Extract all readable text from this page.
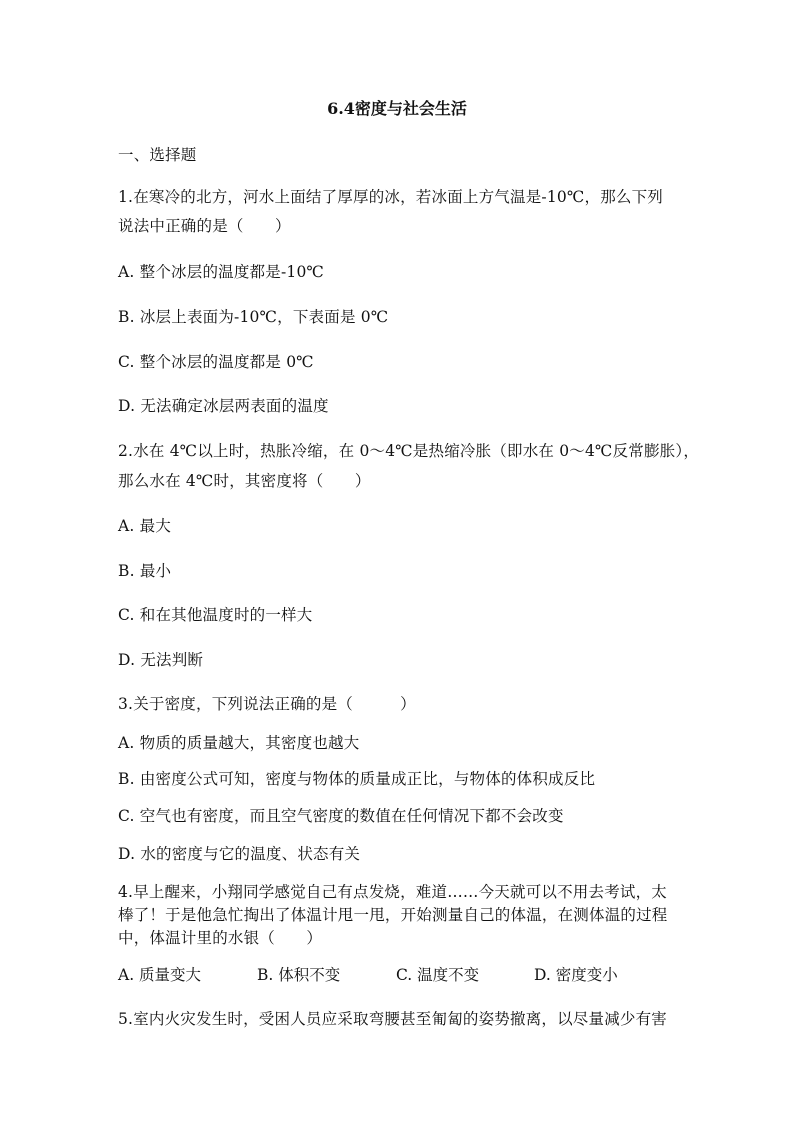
6.4密度与社会生活
一、选择题
1.在寒冷的北方，河水上面结了厚厚的冰，若冰面上方气温是-10℃，那么下列
说法中正确的是（　　）
A. 整个冰层的温度都是-10℃
B. 冰层上表面为-10℃，下表面是 0℃
C. 整个冰层的温度都是 0℃
D. 无法确定冰层两表面的温度
2.水在 4℃以上时，热胀冷缩，在 0～4℃是热缩冷胀（即水在 0～4℃反常膨胀），
那么水在 4℃时，其密度将（　　）
A. 最大
B. 最小
C. 和在其他温度时的一样大
D. 无法判断
3.关于密度，下列说法正确的是（　　　）
A. 物质的质量越大，其密度也越大
B. 由密度公式可知，密度与物体的质量成正比，与物体的体积成反比
C. 空气也有密度，而且空气密度的数值在任何情况下都不会改变
D. 水的密度与它的温度、状态有关
4.早上醒来，小翔同学感觉自己有点发烧，难道……今天就可以不用去考试，太
棒了！于是他急忙掏出了体温计甩一甩，开始测量自己的体温，在测体温的过程
中，体温计里的水银（　　）
A. 质量变大	B. 体积不变	C. 温度不变	D. 密度变小
5.室内火灾发生时，受困人员应采取弯腰甚至匍匐的姿势撤离，以尽量减少有害
